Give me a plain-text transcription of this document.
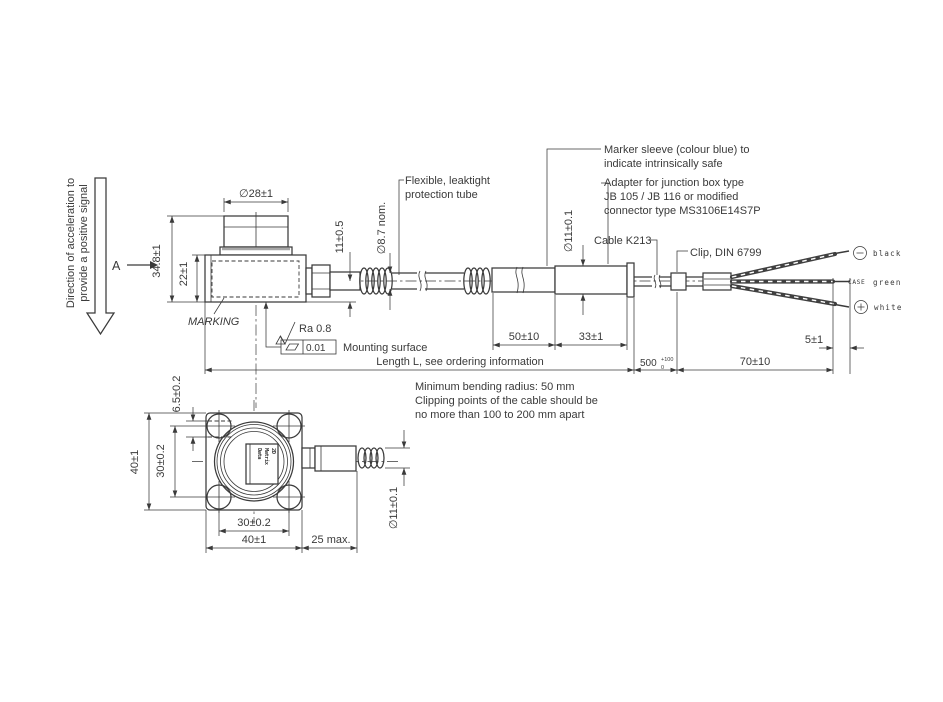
Direction of acceleration to provide a positive signal A
black
CASE green
white
∅28±1
34.8±1 22±1
11±0.5	∅8.7 nom.	∅11±0.1
50±10	33±1
Length L, see ordering information	500 +100
0	70±10
5±1
MARKING
Ra 0.8
0.01 Mounting surface
Flexible, leaktight
protection tube
Marker sleeve (colour blue) to
indicate intrinsically safe
Adapter for junction box type
JB 105 / JB 116 or modified
connector type MS3106E14S7P
Cable K213
Clip, DIN 6799
Minimum bending radius: 50 mm
Clipping points of the cable should be
no more than 100 to 200 mm apart
Data Matrix 2D
40±1 30±0.2
6.5±0.2
30±0.2
40±1	25 max.
∅11±0.1
